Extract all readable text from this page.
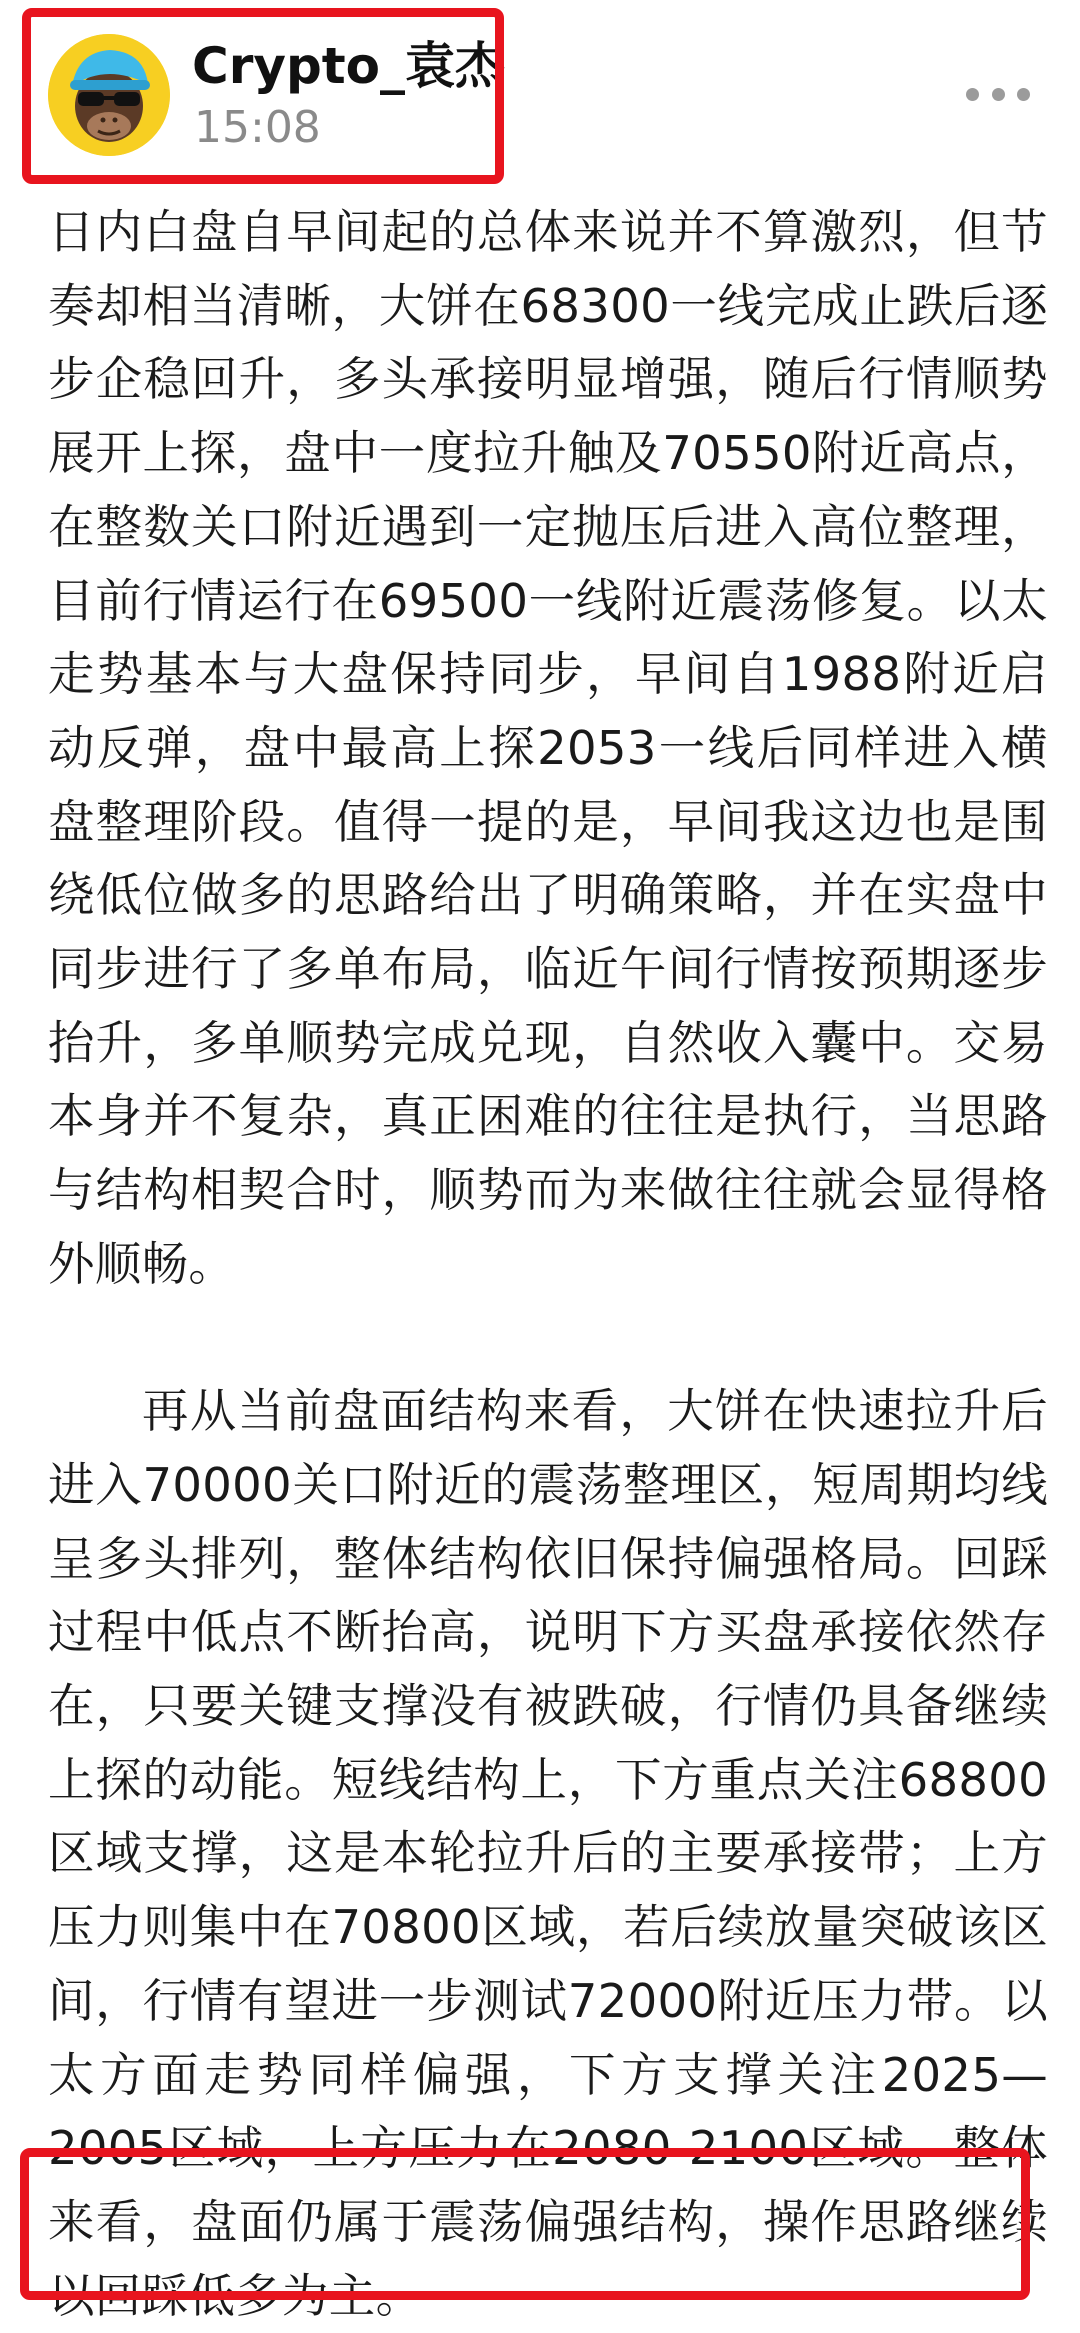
Crypto_袁杰
15:08

日内白盘自早间起的总体来说并不算激烈，但节奏却相当清晰，大饼在68300一线完成止跌后逐步企稳回升，多头承接明显增强，随后行情顺势展开上探，盘中一度拉升触及70550附近高点，在整数关口附近遇到一定抛压后进入高位整理，目前行情运行在69500一线附近震荡修复。以太走势基本与大盘保持同步，早间自1988附近启动反弹，盘中最高上探2053一线后同样进入横盘整理阶段。值得一提的是，早间我这边也是围绕低位做多的思路给出了明确策略，并在实盘中同步进行了多单布局，临近午间行情按预期逐步抬升，多单顺势完成兑现，自然收入囊中。交易本身并不复杂，真正困难的往往是执行，当思路与结构相契合时，顺势而为来做往往就会显得格外顺畅。

再从当前盘面结构来看，大饼在快速拉升后进入70000关口附近的震荡整理区，短周期均线呈多头排列，整体结构依旧保持偏强格局。回踩过程中低点不断抬高，说明下方买盘承接依然存在，只要关键支撑没有被跌破，行情仍具备继续上探的动能。短线结构上，下方重点关注68800区域支撑，这是本轮拉升后的主要承接带；上方压力则集中在70800区域，若后续放量突破该区间，行情有望进一步测试72000附近压力带。以太方面走势同样偏强，下方支撑关注2025—2005区域，上方压力在2080-2100区域。整体来看，盘面仍属于震荡偏强结构，操作思路继续以回踩低多为主。
